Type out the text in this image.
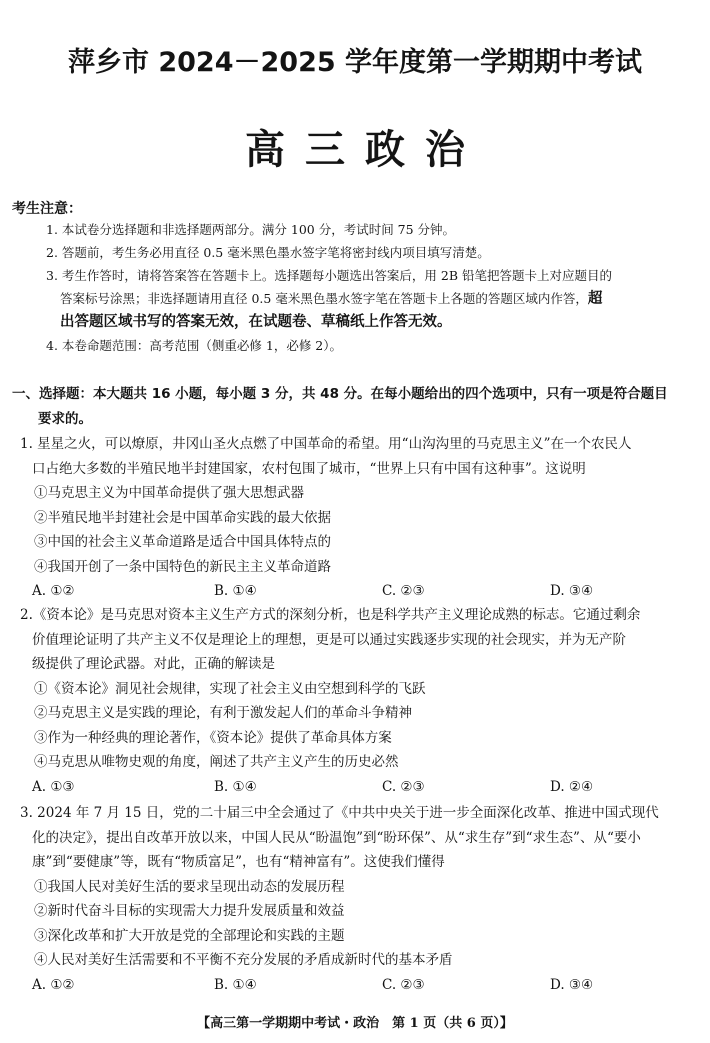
萍乡市 2024－2025 学年度第一学期期中考试
高三政治
考生注意：
1. 本试卷分选择题和非选择题两部分。满分 100 分，考试时间 75 分钟。
2. 答题前，考生务必用直径 0.5 毫米黑色墨水签字笔将密封线内项目填写清楚。
3. 考生作答时，请将答案答在答题卡上。选择题每小题选出答案后，用 2B 铅笔把答题卡上对应题目的
答案标号涂黑；非选择题请用直径 0.5 毫米黑色墨水签字笔在答题卡上各题的答题区域内作答，超
出答题区域书写的答案无效，在试题卷、草稿纸上作答无效。
4. 本卷命题范围：高考范围（侧重必修 1，必修 2）。
一、选择题：本大题共 16 小题，每小题 3 分，共 48 分。在每小题给出的四个选项中，只有一项是符合题目
要求的。
1. 星星之火，可以燎原，井冈山圣火点燃了中国革命的希望。用“山沟沟里的马克思主义”在一个农民人
口占绝大多数的半殖民地半封建国家，农村包围了城市，“世界上只有中国有这种事”。这说明
①马克思主义为中国革命提供了强大思想武器
②半殖民地半封建社会是中国革命实践的最大依据
③中国的社会主义革命道路是适合中国具体特点的
④我国开创了一条中国特色的新民主主义革命道路
A. ①②	B. ①④	C. ②③	D. ③④
2.《资本论》是马克思对资本主义生产方式的深刻分析，也是科学共产主义理论成熟的标志。它通过剩余
价值理论证明了共产主义不仅是理论上的理想，更是可以通过实践逐步实现的社会现实，并为无产阶
级提供了理论武器。对此，正确的解读是
①《资本论》洞见社会规律，实现了社会主义由空想到科学的飞跃
②马克思主义是实践的理论，有利于激发起人们的革命斗争精神
③作为一种经典的理论著作，《资本论》提供了革命具体方案
④马克思从唯物史观的角度，阐述了共产主义产生的历史必然
A. ①③	B. ①④	C. ②③	D. ②④
3. 2024 年 7 月 15 日，党的二十届三中全会通过了《中共中央关于进一步全面深化改革、推进中国式现代
化的决定》，提出自改革开放以来，中国人民从“盼温饱”到“盼环保”、从“求生存”到“求生态”、从“要小
康”到“要健康”等，既有“物质富足”，也有“精神富有”。这使我们懂得
①我国人民对美好生活的要求呈现出动态的发展历程
②新时代奋斗目标的实现需大力提升发展质量和效益
③深化改革和扩大开放是党的全部理论和实践的主题
④人民对美好生活需要和不平衡不充分发展的矛盾成新时代的基本矛盾
A. ①②	B. ①④	C. ②③	D. ③④
【高三第一学期期中考试・政治　第 1 页（共 6 页）】
